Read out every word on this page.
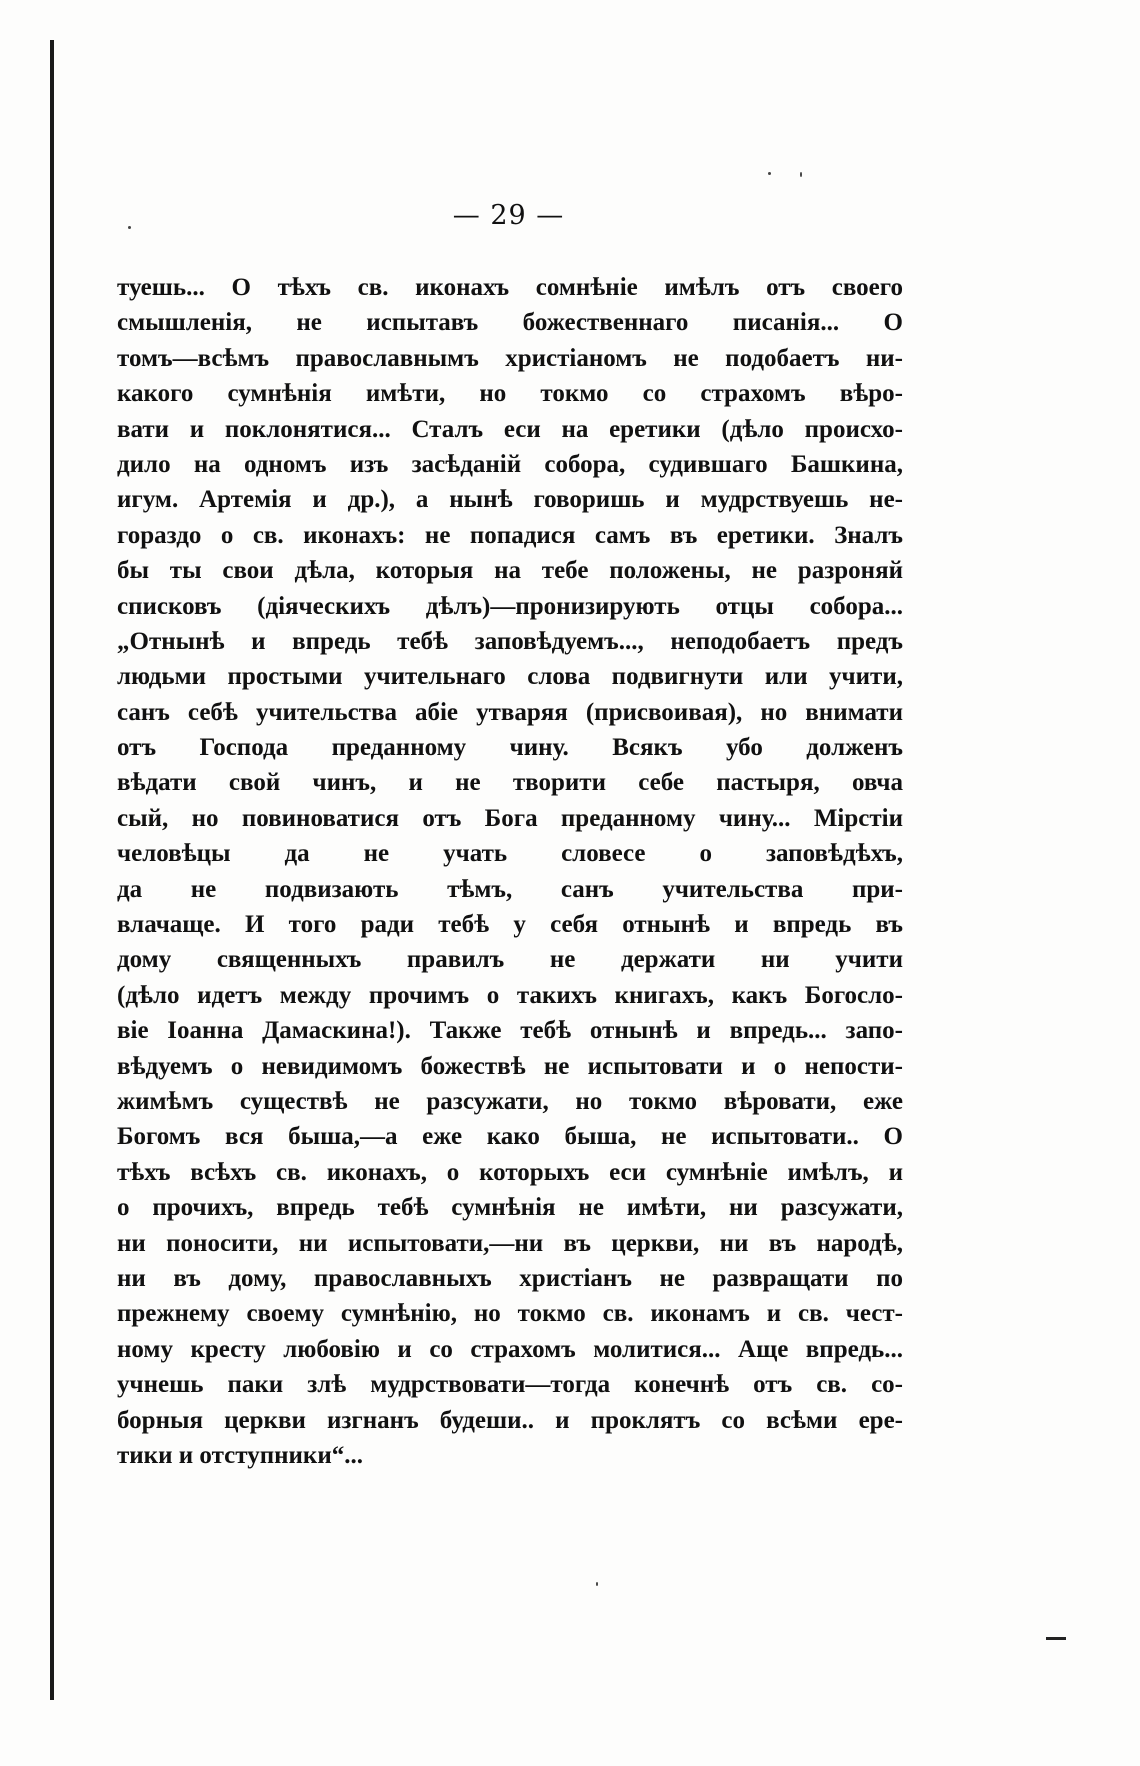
— 29 —
туешь... О тѣхъ св. иконахъ сомнѣніе имѣлъ отъ своего
смышленія, не испытавъ божественнаго писанія... О
томъ—всѣмъ православнымъ христіаномъ не подобаетъ ни-
какого сумнѣнія имѣти, но токмо со страхомъ вѣро-
вати и поклонятися... Сталъ еси на еретики (дѣло происхо-
дило на одномъ изъ засѣданій собора, судившаго Башкина,
игум. Артемія и др.), а нынѣ говоришь и мудрствуешь не-
гораздо о св. иконахъ: не попадися самъ въ еретики. Зналъ
бы ты свои дѣла, которыя на тебе положены, не разроняй
списковъ (діяческихъ дѣлъ)—пронизирують отцы собора...
„Отнынѣ и впредь тебѣ заповѣдуемъ..., неподобаетъ предъ
людьми простыми учительнаго слова подвигнути или учити,
санъ себѣ учительства абіе утваряя (присвоивая), но внимати
отъ Господа преданному чину. Всякъ убо долженъ
вѣдати свой чинъ, и не творити себе пастыря, овча
сый, но повиноватися отъ Бога преданному чину... Мірстіи
человѣцы да не учать словесе о заповѣдѣхъ,
да не подвизають тѣмъ, санъ учительства при-
влачаще. И того ради тебѣ у себя отнынѣ и впредь въ
дому священныхъ правилъ не держати ни учити
(дѣло идетъ между прочимъ о такихъ книгахъ, какъ Богосло-
віе Іоанна Дамаскина!). Также тебѣ отнынѣ и впредь... запо-
вѣдуемъ о невидимомъ божествѣ не испытовати и о непости-
жимѣмъ существѣ не разсужати, но токмо вѣровати, еже
Богомъ вся быша,—а еже како быша, не испытовати.. О
тѣхъ всѣхъ св. иконахъ, о которыхъ еси сумнѣніе имѣлъ, и
о прочихъ, впредь тебѣ сумнѣнія не имѣти, ни разсужати,
ни поносити, ни испытовати,—ни въ церкви, ни въ народѣ,
ни въ дому, православныхъ христіанъ не развращати по
прежнему своему сумнѣнію, но токмо св. иконамъ и св. чест-
ному кресту любовію и со страхомъ молитися... Аще впредь...
учнешь паки злѣ мудрствовати—тогда конечнѣ отъ св. со-
борныя церкви изгнанъ будеши.. и проклятъ со всѣми ере-
тики и отступники“...
